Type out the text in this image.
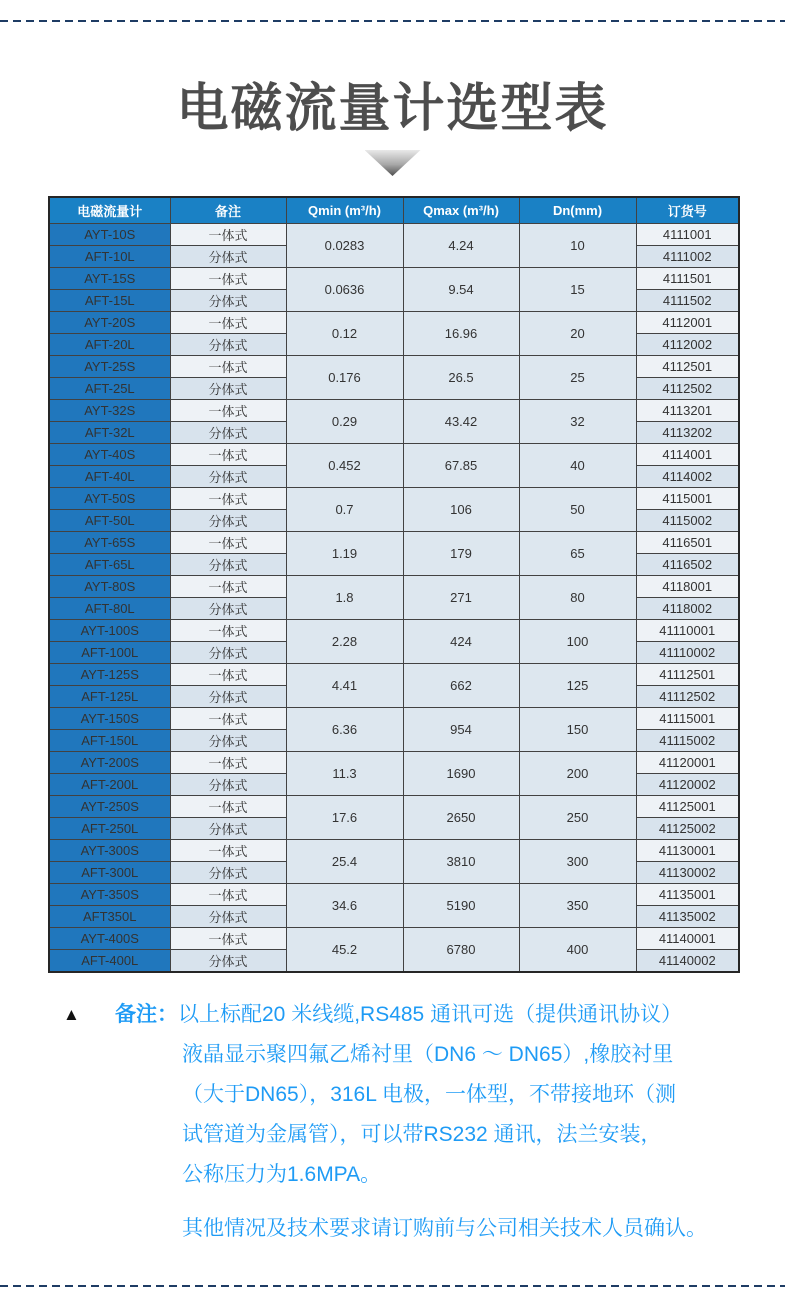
电磁流量计选型表
电磁流量计	备注	Qmin (m³/h)	Qmax (m³/h)	Dn(mm)	订货号
AYT-10S	一体式	0.0283	4.24	10	4111001
AFT-10L	分体式				4111002
AYT-15S	一体式	0.0636	9.54	15	4111501
AFT-15L	分体式				4111502
AYT-20S	一体式	0.12	16.96	20	4112001
AFT-20L	分体式				4112002
AYT-25S	一体式	0.176	26.5	25	4112501
AFT-25L	分体式				4112502
AYT-32S	一体式	0.29	43.42	32	4113201
AFT-32L	分体式				4113202
AYT-40S	一体式	0.452	67.85	40	4114001
AFT-40L	分体式				4114002
AYT-50S	一体式	0.7	106	50	4115001
AFT-50L	分体式				4115002
AYT-65S	一体式	1.19	179	65	4116501
AFT-65L	分体式				4116502
AYT-80S	一体式	1.8	271	80	4118001
AFT-80L	分体式				4118002
AYT-100S	一体式	2.28	424	100	41110001
AFT-100L	分体式				41110002
AYT-125S	一体式	4.41	662	125	41112501
AFT-125L	分体式				41112502
AYT-150S	一体式	6.36	954	150	41115001
AFT-150L	分体式				41115002
AYT-200S	一体式	11.3	1690	200	41120001
AFT-200L	分体式				41120002
AYT-250S	一体式	17.6	2650	250	41125001
AFT-250L	分体式				41125002
AYT-300S	一体式	25.4	3810	300	41130001
AFT-300L	分体式				41130002
AYT-350S	一体式	34.6	5190	350	41135001
AFT350L	分体式				41135002
AYT-400S	一体式	45.2	6780	400	41140001
AFT-400L	分体式				41140002
▲	备注： 以上标配20 米线缆,RS485 通讯可选（提供通讯协议）
液晶显示聚四氟乙烯衬里（DN6 ～ DN65）,橡胶衬里
（大于DN65），316L 电极，一体型，不带接地环（测
试管道为金属管），可以带RS232 通讯，法兰安装，
公称压力为1.6MPA。
其他情况及技术要求请订购前与公司相关技术人员确认。
